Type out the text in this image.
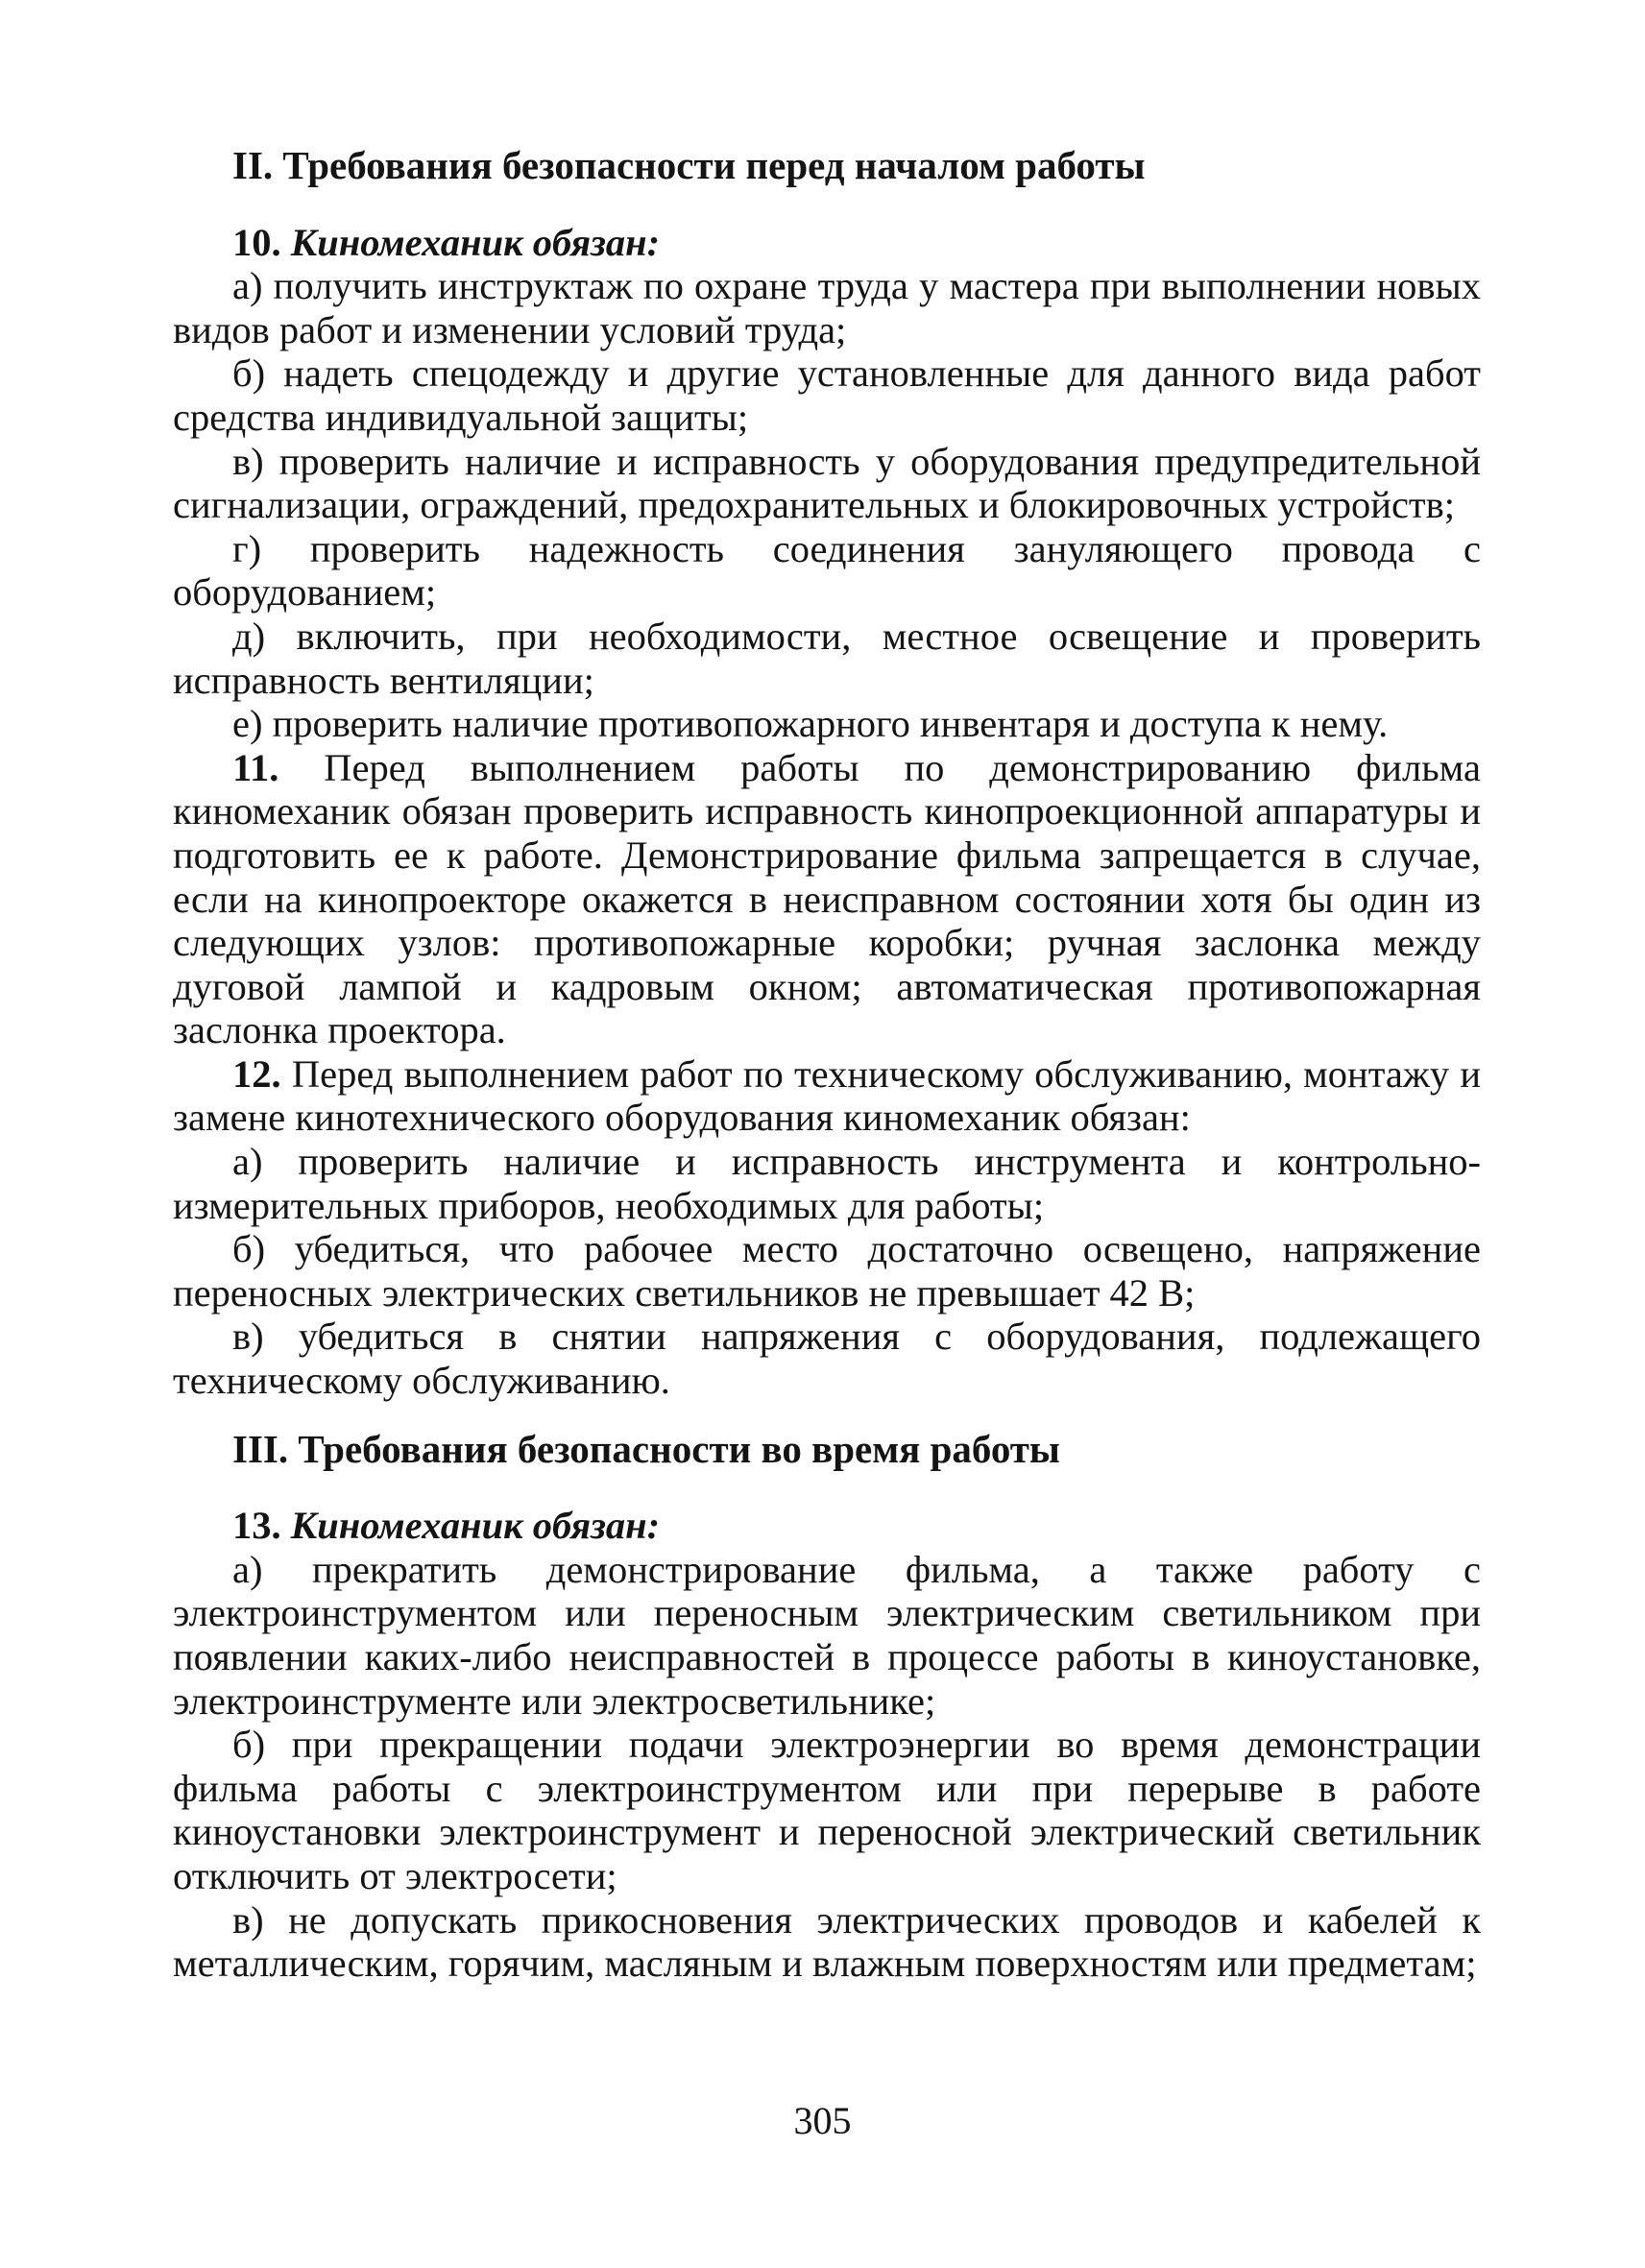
II. Требования безопасности перед началом работы

10. Киномеханик обязан:

а) получить инструктаж по охране труда у мастера при выполнении новых видов работ и изменении условий труда;

б) надеть спецодежду и другие установленные для данного вида работ средства индивидуальной защиты;

в) проверить наличие и исправность у оборудования предупредительной сигнализации, ограждений, предохранительных и блокировочных устройств;

г) проверить надежность соединения зануляющего провода с оборудованием;

д) включить, при необходимости, местное освещение и проверить исправность вентиляции;

е) проверить наличие противопожарного инвентаря и доступа к нему.

11. Перед выполнением работы по демонстрированию фильма киномеханик обязан проверить исправность кинопроекционной аппаратуры и подготовить ее к работе. Демонстрирование фильма запрещается в случае, если на кинопроекторе окажется в неисправном состоянии хотя бы один из следующих узлов: противопожарные коробки; ручная заслонка между дуговой лампой и кадровым окном; автоматическая противопожарная заслонка проектора.

12. Перед выполнением работ по техническому обслуживанию, монтажу и замене кинотехнического оборудования киномеханик обязан:

а) проверить наличие и исправность инструмента и контрольно-измерительных приборов, необходимых для работы;

б) убедиться, что рабочее место достаточно освещено, напряжение переносных электрических светильников не превышает 42 В;

в) убедиться в снятии напряжения с оборудования, подлежащего техническому обслуживанию.

III. Требования безопасности во время работы

13. Киномеханик обязан:

а) прекратить демонстрирование фильма, а также работу с электроинструментом или переносным электрическим светильником при появлении каких-либо неисправностей в процессе работы в киноустановке, электроинструменте или электросветильнике;

б) при прекращении подачи электроэнергии во время демонстрации фильма работы с электроинструментом или при перерыве в работе киноустановки электроинструмент и переносной электрический светильник отключить от электросети;

в) не допускать прикосновения электрических проводов и кабелей к металлическим, горячим, масляным и влажным поверхностям или предметам;

305
